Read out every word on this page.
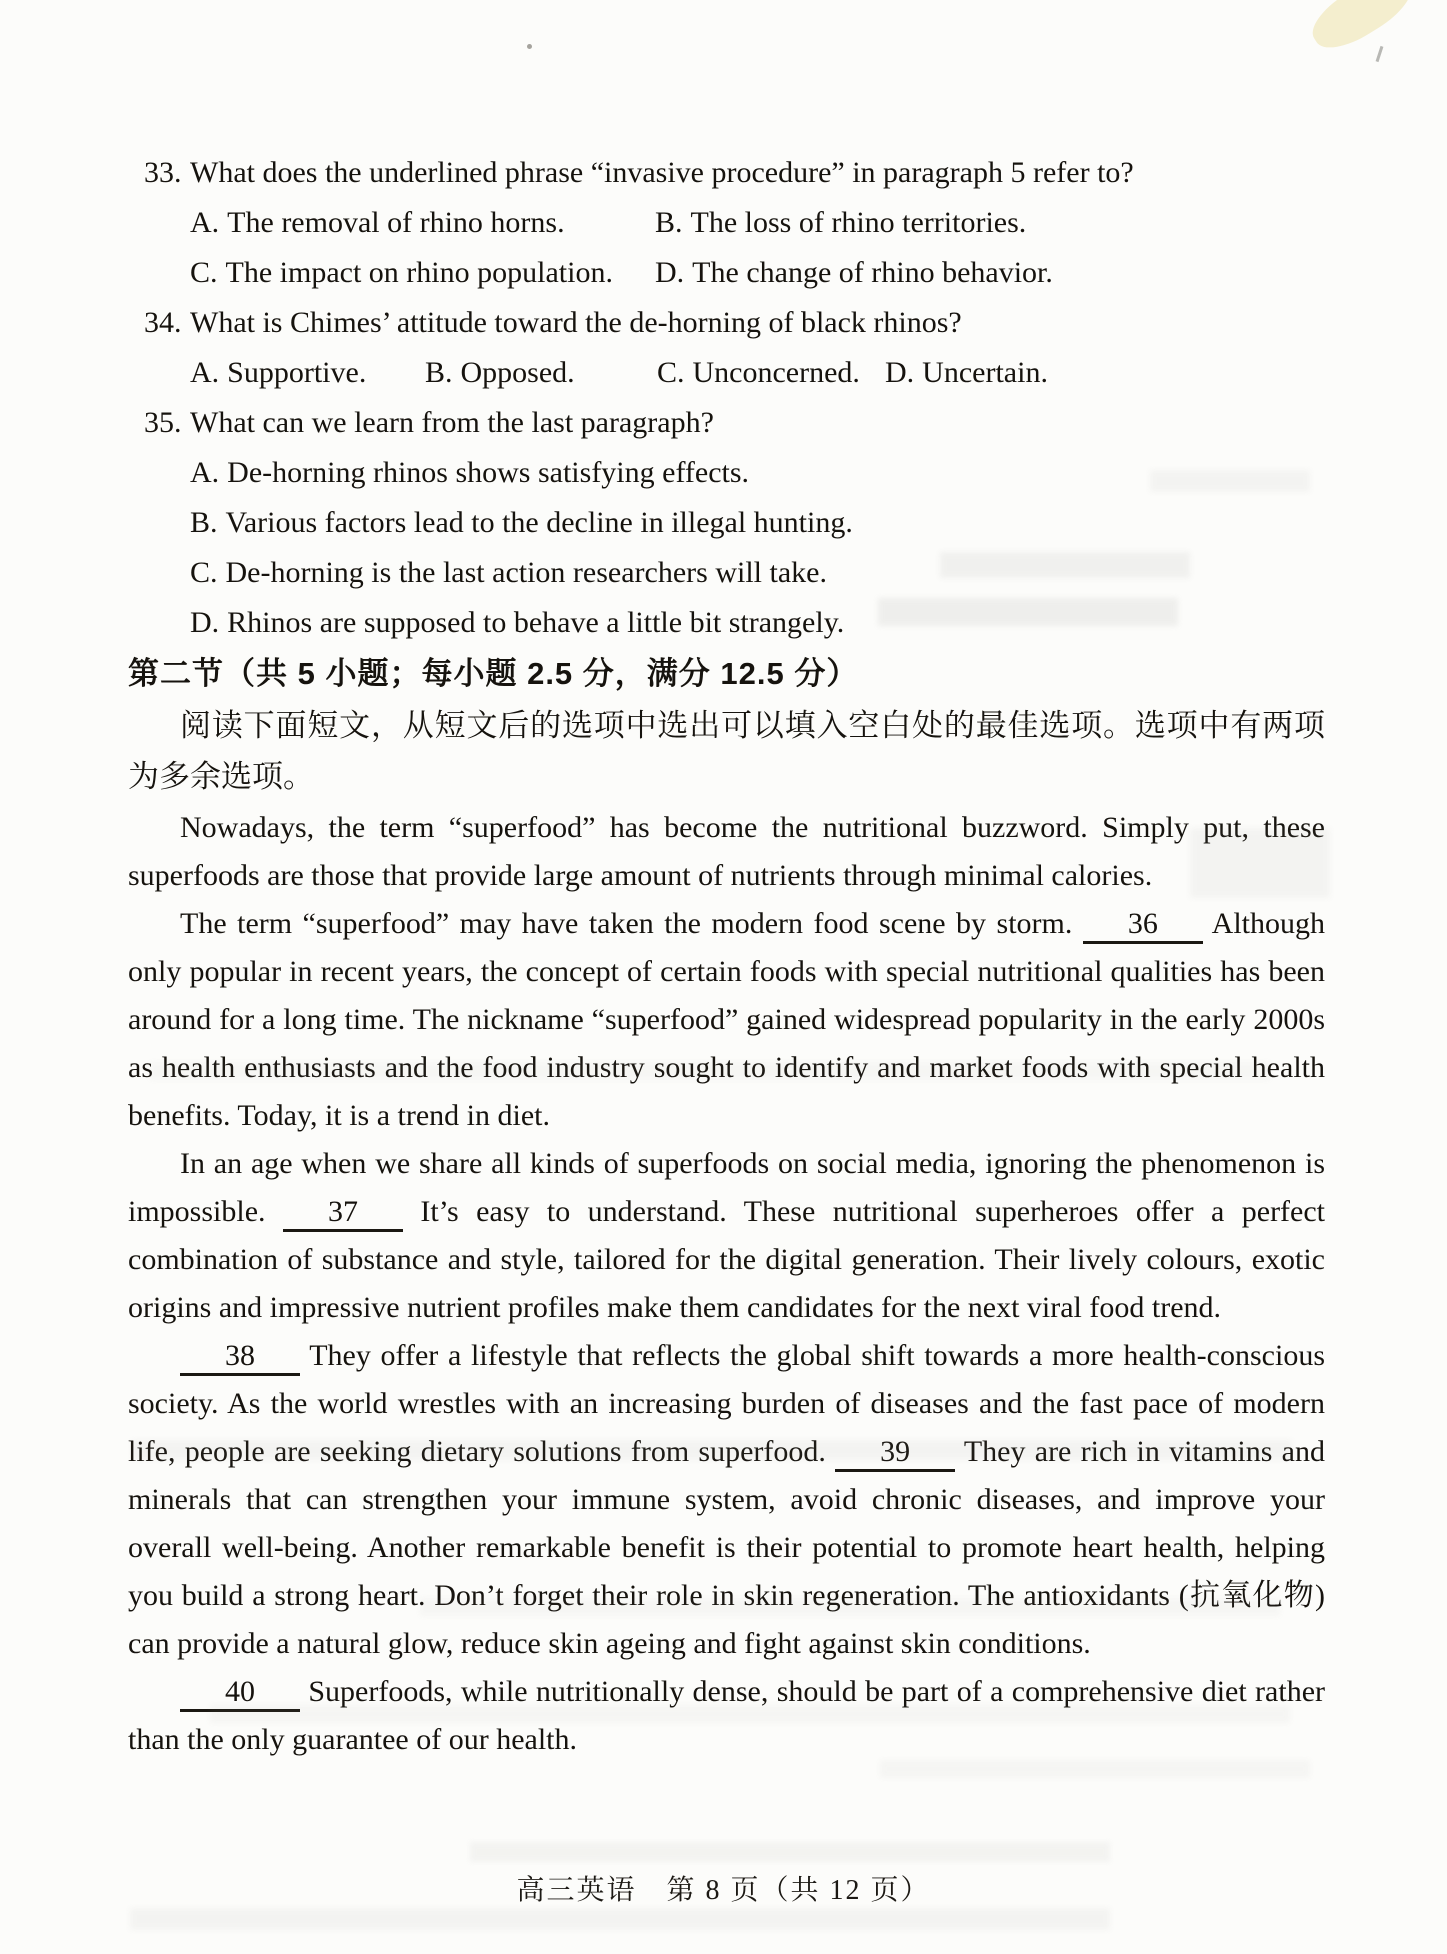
33. What does the underlined phrase “invasive procedure” in paragraph 5 refer to?
A. The removal of rhino horns.	B. The loss of rhino territories.
C. The impact on rhino population.	D. The change of rhino behavior.
34. What is Chimes’ attitude toward the de-horning of black rhinos?
A. Supportive.	B. Opposed.	C. Unconcerned. D. Uncertain.
35. What can we learn from the last paragraph?
A. De-horning rhinos shows satisfying effects.
B. Various factors lead to the decline in illegal hunting.
C. De-horning is the last action researchers will take.
D. Rhinos are supposed to behave a little bit strangely.

第二节（共 5 小题；每小题 2.5 分，满分 12.5 分）

阅读下面短文，从短文后的选项中选出可以填入空白处的最佳选项。选项中有两项为多余选项。

Nowadays, the term “superfood” has become the nutritional buzzword. Simply put, these superfoods are those that provide large amount of nutrients through minimal calories.

The term “superfood” may have taken the modern food scene by storm. 36 Although only popular in recent years, the concept of certain foods with special nutritional qualities has been around for a long time. The nickname “superfood” gained widespread popularity in the early 2000s as health enthusiasts and the food industry sought to identify and market foods with special health benefits. Today, it is a trend in diet.

In an age when we share all kinds of superfoods on social media, ignoring the phenomenon is impossible. 37 It’s easy to understand. These nutritional superheroes offer a perfect combination of substance and style, tailored for the digital generation. Their lively colours, exotic origins and impressive nutrient profiles make them candidates for the next viral food trend.

38 They offer a lifestyle that reflects the global shift towards a more health-conscious society. As the world wrestles with an increasing burden of diseases and the fast pace of modern life, people are seeking dietary solutions from superfood. 39 They are rich in vitamins and minerals that can strengthen your immune system, avoid chronic diseases, and improve your overall well-being. Another remarkable benefit is their potential to promote heart health, helping you build a strong heart. Don’t forget their role in skin regeneration. The antioxidants (抗氧化物) can provide a natural glow, reduce skin ageing and fight against skin conditions.

40 Superfoods, while nutritionally dense, should be part of a comprehensive diet rather than the only guarantee of our health.

高三英语　第 8 页（共 12 页）
